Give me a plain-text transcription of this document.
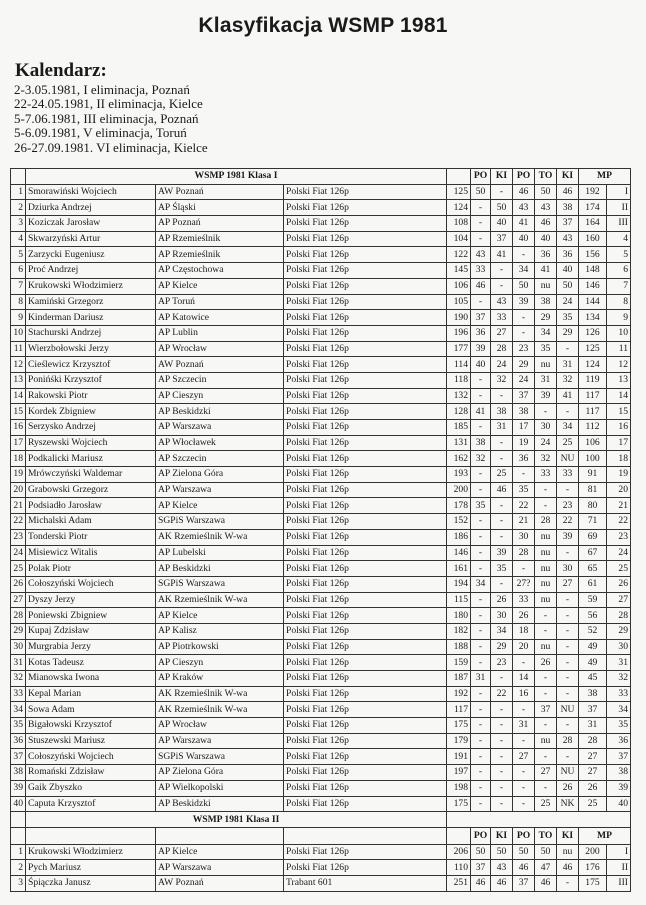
Klasyfikacja WSMP 1981
Kalendarz:
2-3.05.1981, I eliminacja, Poznań
22-24.05.1981, II eliminacja, Kielce
5-7.06.1981, III eliminacja, Poznań
5-6.09.1981, V eliminacja, Toruń
26-27.09.1981. VI eliminacja, Kielce
	WSMP 1981 Klasa I				PO	KI	PO	TO	KI	MP	
1	Smorawiński Wojciech	AW Poznań	Polski Fiat 126p	125	50	-	46	50	46	192	I
2	Dziurka Andrzej	AP Śląski	Polski Fiat 126p	124	-	50	43	43	38	174	II
3	Koziczak Jarosław	AP Poznań	Polski Fiat 126p	108	-	40	41	46	37	164	III
4	Skwarzyński Artur	AP Rzemieślnik	Polski Fiat 126p	104	-	37	40	40	43	160	4
5	Zarzycki Eugeniusz	AP Rzemieślnik	Polski Fiat 126p	122	43	41	-	36	36	156	5
6	Proć Andrzej	AP Częstochowa	Polski Fiat 126p	145	33	-	34	41	40	148	6
7	Krukowski Włodzimierz	AP Kielce	Polski Fiat 126p	106	46	-	50	nu	50	146	7
8	Kamiński Grzegorz	AP Toruń	Polski Fiat 126p	105	-	43	39	38	24	144	8
9	Kinderman Dariusz	AP Katowice	Polski Fiat 126p	190	37	33	-	29	35	134	9
10	Stachurski Andrzej	AP Lublin	Polski Fiat 126p	196	36	27	-	34	29	126	10
11	Wierzbołowski Jerzy	AP Wrocław	Polski Fiat 126p	177	39	28	23	35	-	125	11
12	Cieślewicz Krzysztof	AW Poznań	Polski Fiat 126p	114	40	24	29	nu	31	124	12
13	Ponińśki Krzysztof	AP Szczecin	Polski Fiat 126p	118	-	32	24	31	32	119	13
14	Rakowski Piotr	AP Cieszyn	Polski Fiat 126p	132	-	-	37	39	41	117	14
15	Kordek Zbigniew	AP Beskidzki	Polski Fiat 126p	128	41	38	38	-	-	117	15
16	Serzysko Andrzej	AP Warszawa	Polski Fiat 126p	185	-	31	17	30	34	112	16
17	Ryszewski Wojciech	AP Włocławek	Polski Fiat 126p	131	38	-	19	24	25	106	17
18	Podkalicki Mariusz	AP Szczecin	Polski Fiat 126p	162	32	-	36	32	NU	100	18
19	Mrówczyński Waldemar	AP Zielona Góra	Polski Fiat 126p	193	-	25	-	33	33	91	19
20	Grabowski Grzegorz	AP Warszawa	Polski Fiat 126p	200	-	46	35	-	-	81	20
21	Podsiadło Jarosław	AP Kielce	Polski Fiat 126p	178	35	-	22	-	23	80	21
22	Michalski Adam	SGPiS Warszawa	Polski Fiat 126p	152	-	-	21	28	22	71	22
23	Tonderski Piotr	AK Rzemieślnik W-wa	Polski Fiat 126p	186	-	-	30	nu	39	69	23
24	Misiewicz Witalis	AP Lubelski	Polski Fiat 126p	146	-	39	28	nu	-	67	24
25	Polak Piotr	AP Beskidzki	Polski Fiat 126p	161	-	35	-	nu	30	65	25
26	Cołoszyński Wojciech	SGPiS Warszawa	Polski Fiat 126p	194	34	-	27?	nu	27	61	26
27	Dyszy Jerzy	AK Rzemieślnik W-wa	Polski Fiat 126p	115	-	26	33	nu	-	59	27
28	Poniewski Zbigniew	AP Kielce	Polski Fiat 126p	180	-	30	26	-	-	56	28
29	Kupaj Zdzisław	AP Kalisz	Polski Fiat 126p	182	-	34	18	-	-	52	29
30	Murgrabia Jerzy	AP Piotrkowski	Polski Fiat 126p	188	-	29	20	nu	-	49	30
31	Kotas Tadeusz	AP Cieszyn	Polski Fiat 126p	159	-	23	-	26	-	49	31
32	Mianowska Iwona	AP Kraków	Polski Fiat 126p	187	31	-	14	-	-	45	32
33	Kepal Marian	AK Rzemieślnik W-wa	Polski Fiat 126p	192	-	22	16	-	-	38	33
34	Sowa Adam	AK Rzemieślnik W-wa	Polski Fiat 126p	117	-	-	-	37	NU	37	34
35	Bigałowski Krzysztof	AP Wrocław	Polski Fiat 126p	175	-	-	31	-	-	31	35
36	Stuszewski Mariusz	AP Warszawa	Polski Fiat 126p	179	-	-	-	nu	28	28	36
37	Cołoszyński Wojciech	SGPiS Warszawa	Polski Fiat 126p	191	-	-	27	-	-	27	37
38	Romański Zdzisław	AP Zielona Góra	Polski Fiat 126p	197	-	-	-	27	NU	27	38
39	Gaik Zbyszko	AP Wielkopolski	Polski Fiat 126p	198	-	-	-	-	26	26	39
40	Caputa Krzysztof	AP Beskidzki	Polski Fiat 126p	175	-	-	-	25	NK	25	40
	WSMP 1981 Klasa II										
					PO	KI	PO	TO	KI	MP	
1	Krukowski Włodzimierz	AP Kielce	Polski Fiat 126p	206	50	50	50	50	nu	200	I
2	Pych Mariusz	AP Warszawa	Polski Fiat 126p	110	37	43	46	47	46	176	II
3	Śpiączka Janusz	AW Poznań	Trabant 601	251	46	46	37	46	-	175	III
